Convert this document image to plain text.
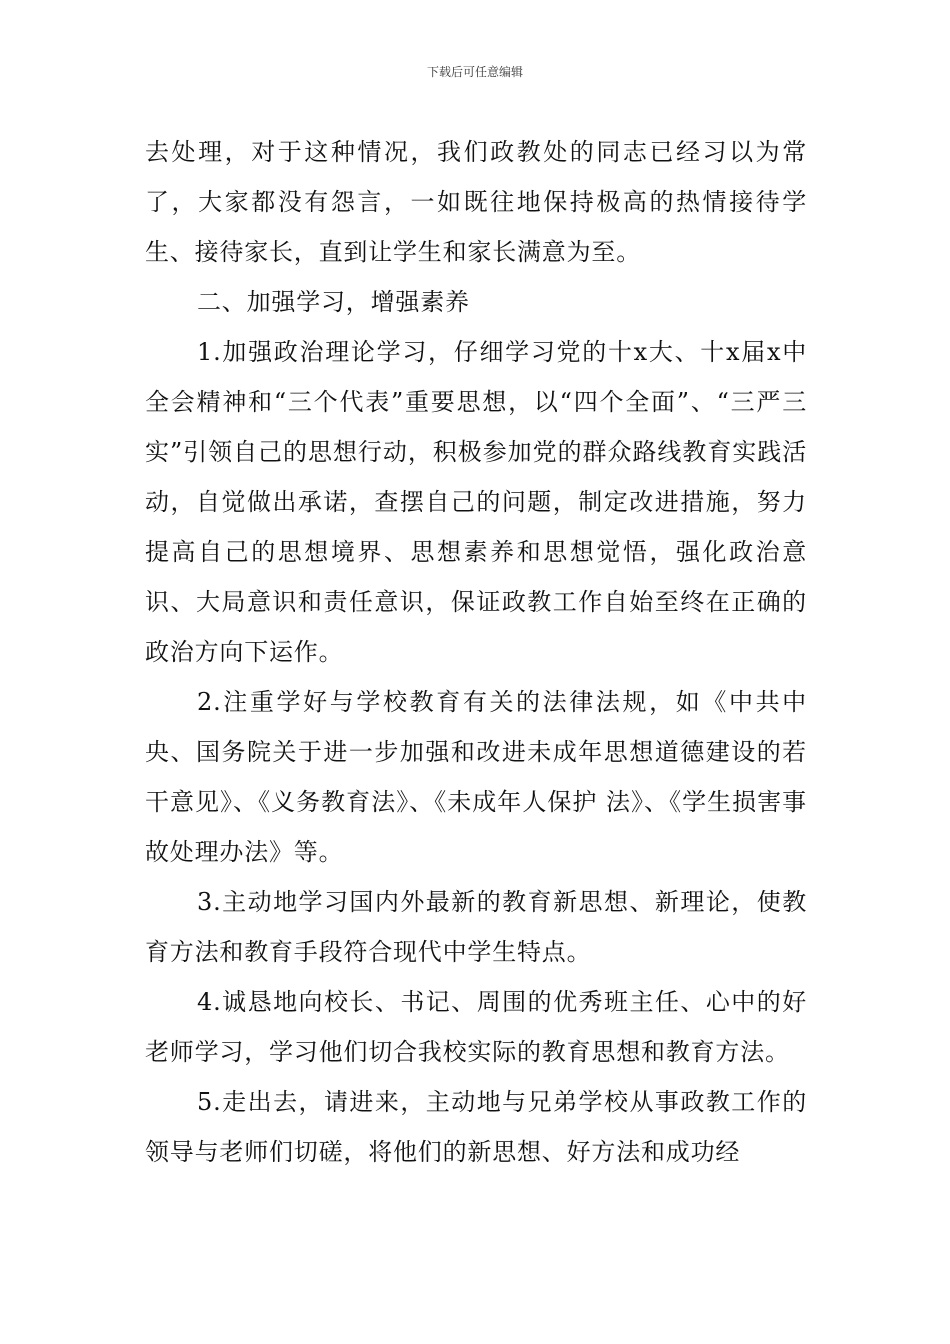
下载后可任意编辑

去处理，对于这种情况，我们政教处的同志已经习以为常了，大家都没有怨言，一如既往地保持极高的热情接待学生、接待家长，直到让学生和家长满意为至。

二、加强学习，增强素养

1.加强政治理论学习，仔细学习党的十x大、十x届x中全会精神和“三个代表”重要思想，以“四个全面”、“三严三实”引领自己的思想行动，积极参加党的群众路线教育实践活动，自觉做出承诺，查摆自己的问题，制定改进措施，努力提高自己的思想境界、思想素养和思想觉悟，强化政治意识、大局意识和责任意识，保证政教工作自始至终在正确的政治方向下运作。

2.注重学好与学校教育有关的法律法规，如《中共中央、国务院关于进一步加强和改进未成年思想道德建设的若干意见》、《义务教育法》、《未成年人保护 法》、《学生损害事故处理办法》等。

3.主动地学习国内外最新的教育新思想、新理论，使教育方法和教育手段符合现代中学生特点。

4.诚恳地向校长、书记、周围的优秀班主任、心中的好老师学习，学习他们切合我校实际的教育思想和教育方法。

5.走出去，请进来，主动地与兄弟学校从事政教工作的领导与老师们切磋，将他们的新思想、好方法和成功经
